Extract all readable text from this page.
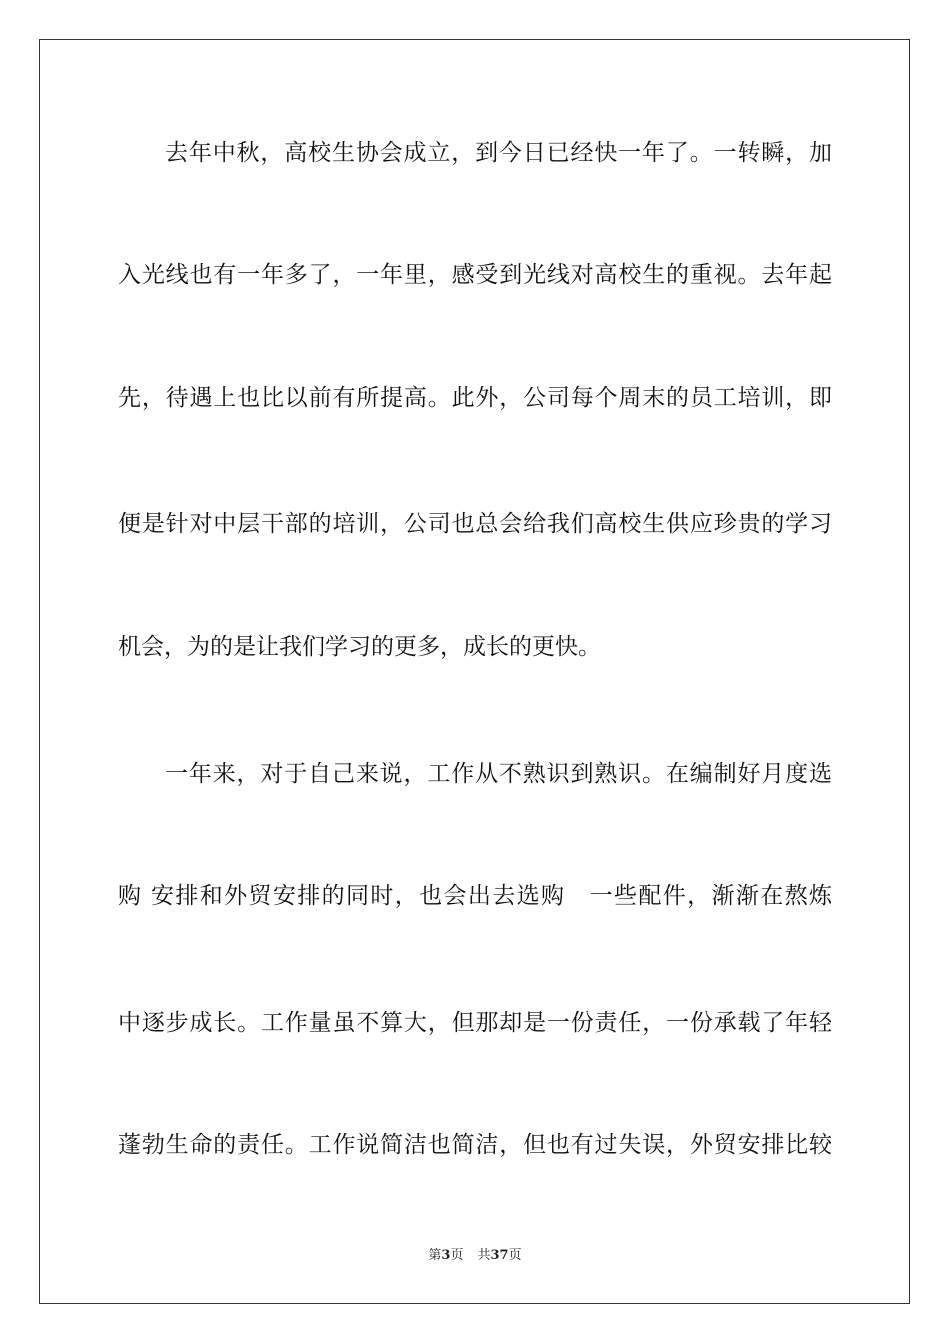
去年中秋，高校生协会成立，到今日已经快一年了。一转瞬，加
入光线也有一年多了，一年里，感受到光线对高校生的重视。去年起
先，待遇上也比以前有所提高。此外，公司每个周末的员工培训，即
便是针对中层干部的培训，公司也总会给我们高校生供应珍贵的学习
机会，为的是让我们学习的更多，成长的更快。
一年来，对于自己来说，工作从不熟识到熟识。在编制好月度选
购 安排和外贸安排的同时，也会出去选购　一些配件，渐渐在熬炼
中逐步成长。工作量虽不算大，但那却是一份责任，一份承载了年轻
蓬勃生命的责任。工作说简洁也简洁，但也有过失误，外贸安排比较
第3页 共37页
